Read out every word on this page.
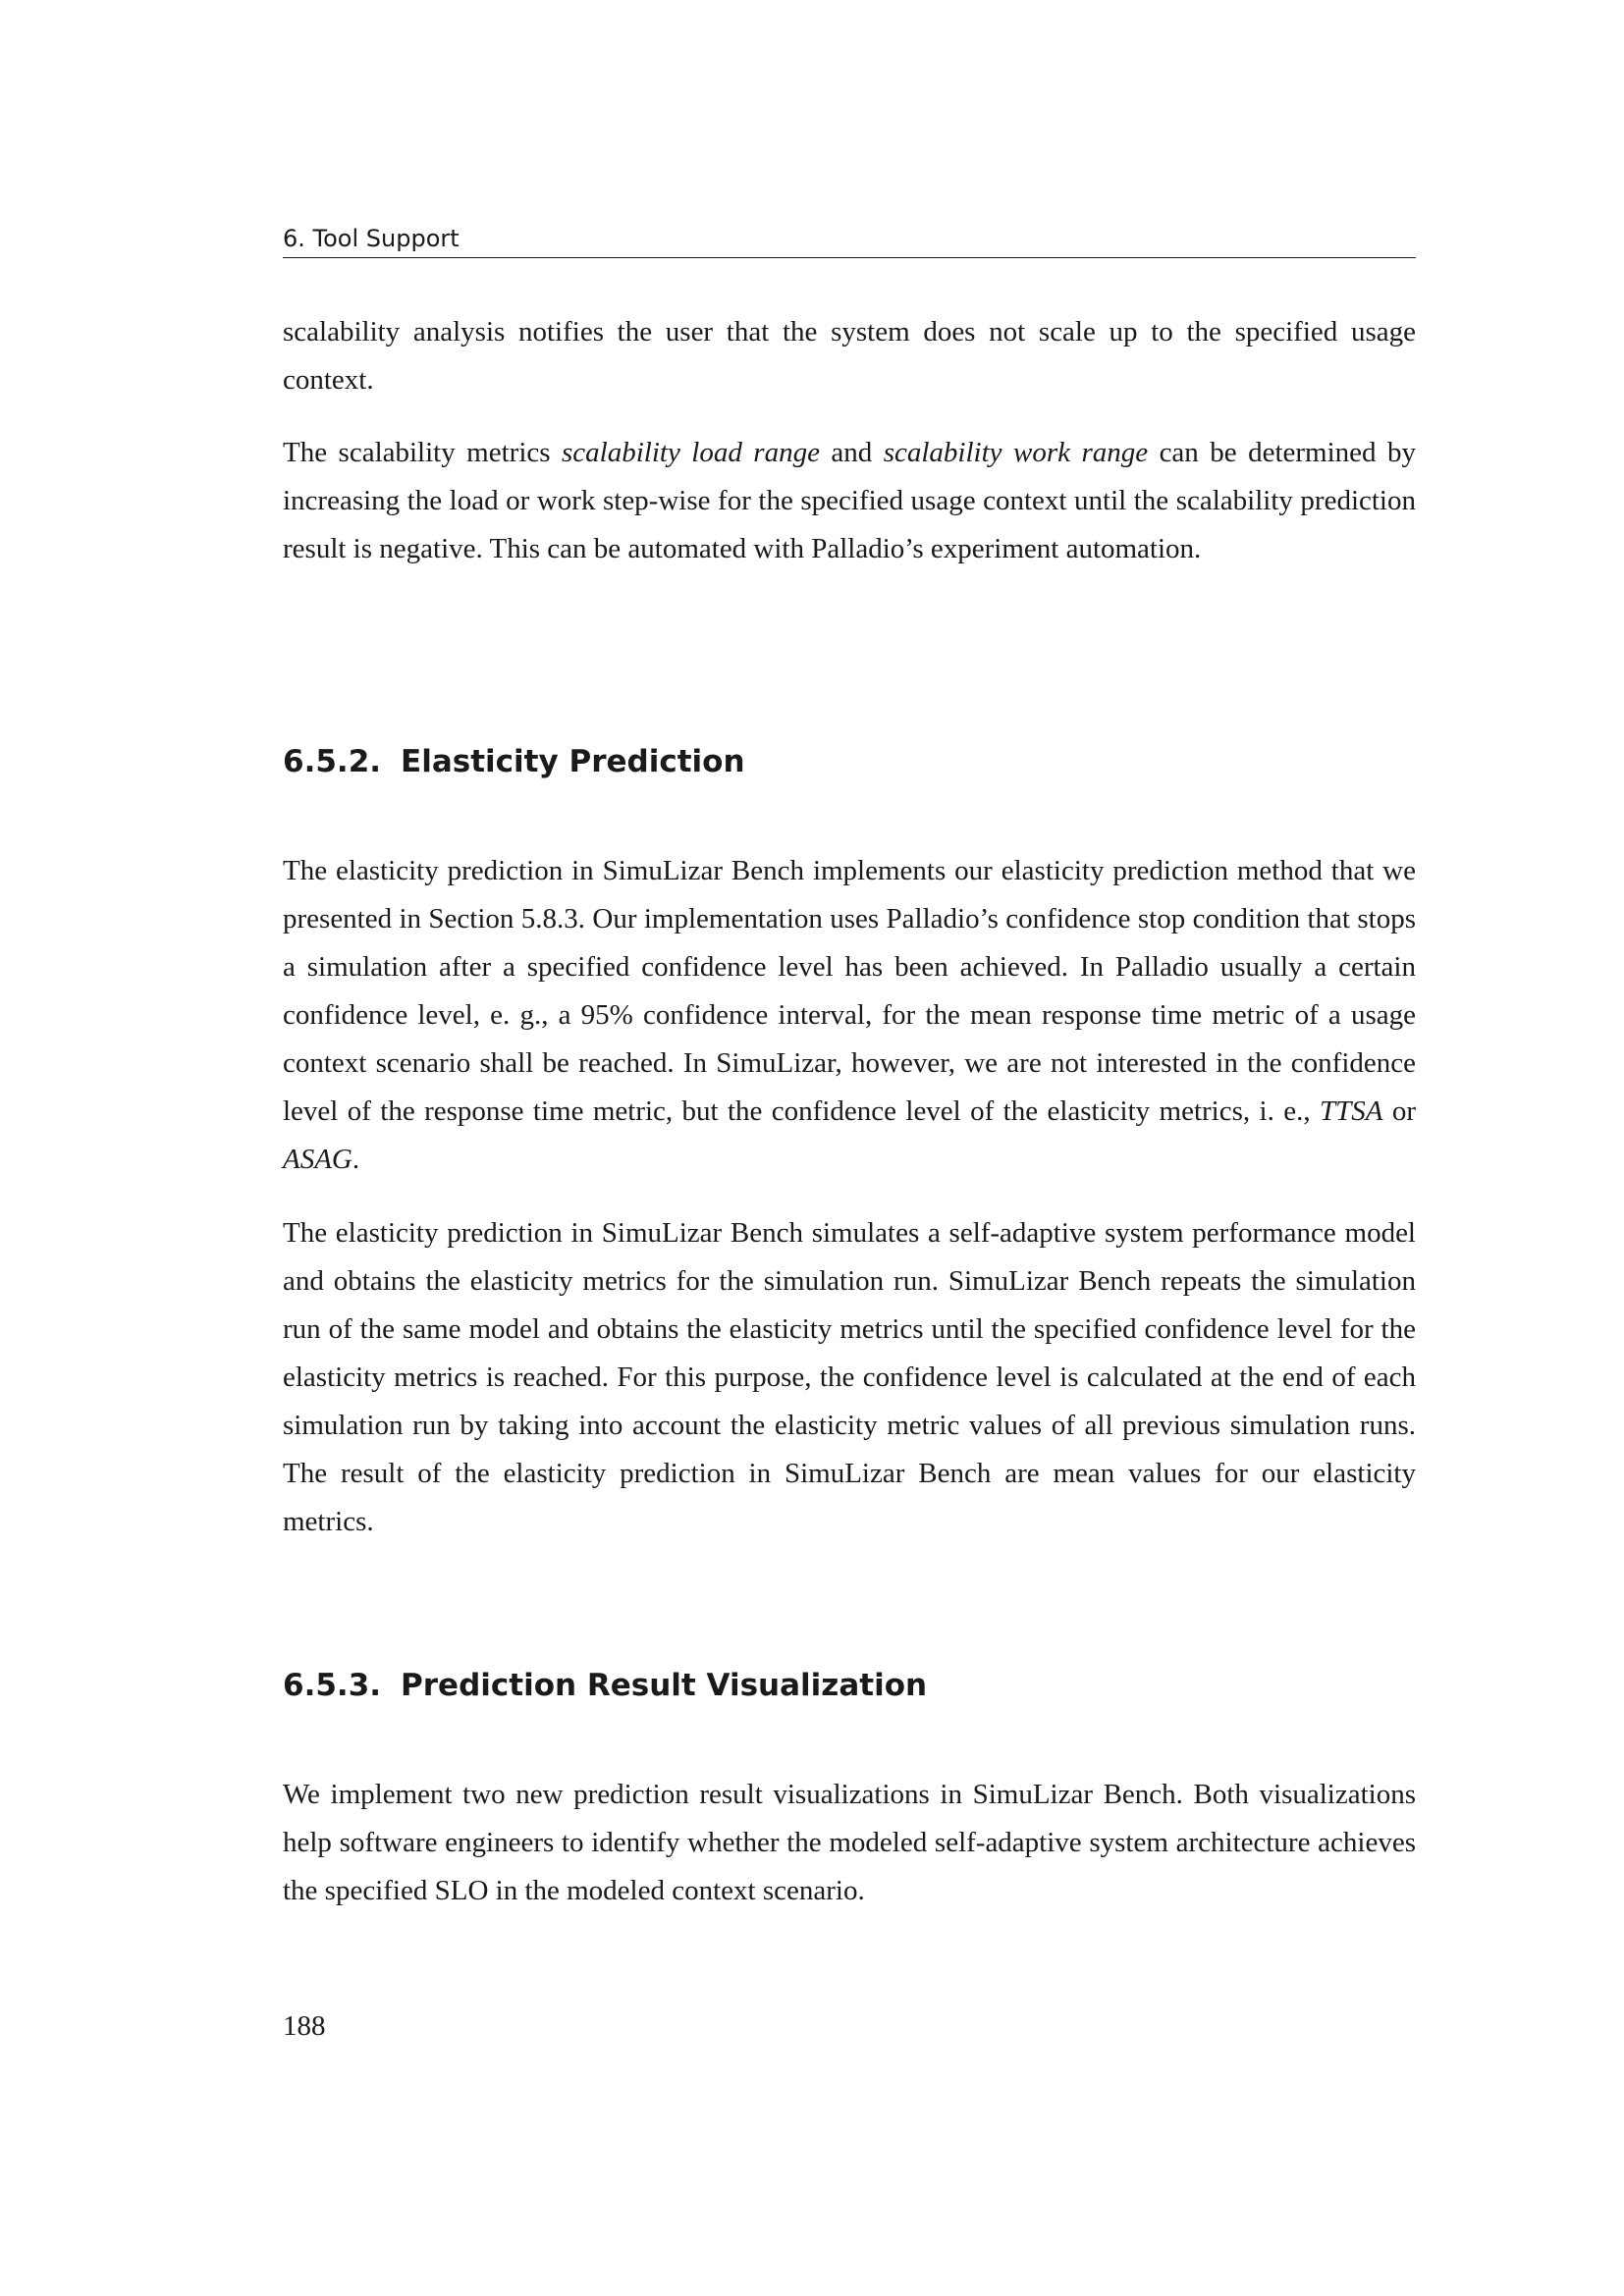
6. Tool Support

scalability analysis notifies the user that the system does not scale up to the specified usage context.

The scalability metrics scalability load range and scalability work range can be determined by increasing the load or work step-wise for the specified usage context until the scalability prediction result is negative. This can be automated with Palladio’s experiment automation.

6.5.2. Elasticity Prediction

The elasticity prediction in SimuLizar Bench implements our elasticity prediction method that we presented in Section 5.8.3. Our implementation uses Palladio’s confidence stop condition that stops a simulation after a specified confidence level has been achieved. In Palladio usually a certain confidence level, e. g., a 95% confidence interval, for the mean response time metric of a usage context scenario shall be reached. In SimuLizar, however, we are not interested in the confidence level of the response time metric, but the confidence level of the elasticity metrics, i. e., TTSA or ASAG.

The elasticity prediction in SimuLizar Bench simulates a self-adaptive system performance model and obtains the elasticity metrics for the simulation run. SimuLizar Bench repeats the simulation run of the same model and obtains the elasticity metrics until the specified confidence level for the elasticity metrics is reached. For this purpose, the confidence level is calculated at the end of each simulation run by taking into account the elasticity metric values of all previous simulation runs. The result of the elasticity prediction in SimuLizar Bench are mean values for our elasticity metrics.

6.5.3. Prediction Result Visualization

We implement two new prediction result visualizations in SimuLizar Bench. Both visualizations help software engineers to identify whether the modeled self-adaptive system architecture achieves the specified SLO in the modeled context scenario.

188
